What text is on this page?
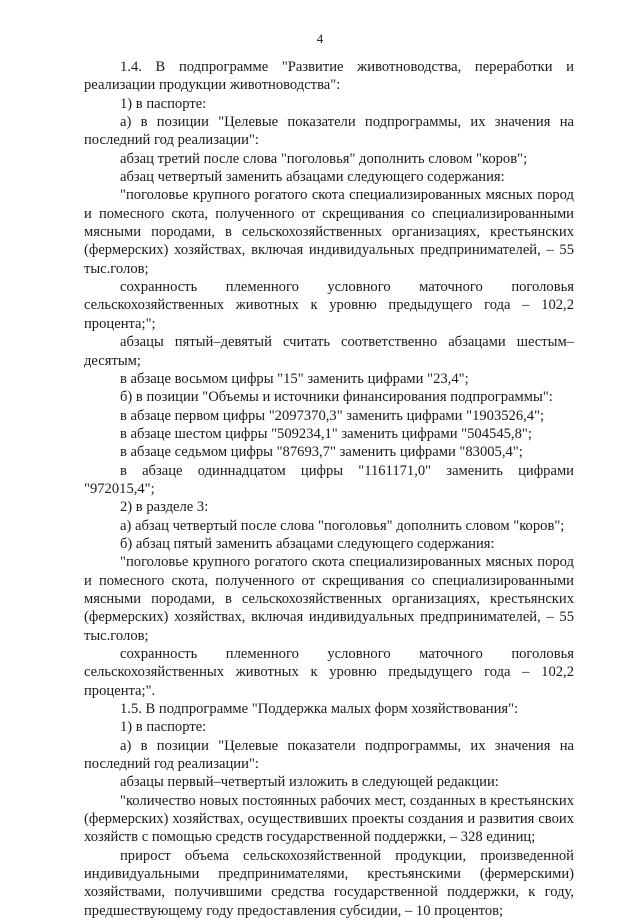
4

1.4. В подпрограмме "Развитие животноводства, переработки и реализации продукции животноводства":

1) в паспорте:

а) в позиции "Целевые показатели подпрограммы, их значения на последний год реализации":

абзац третий после слова "поголовья" дополнить словом "коров";

абзац четвертый заменить абзацами следующего содержания:

"поголовье крупного рогатого скота специализированных мясных пород и помесного скота, полученного от скрещивания со специализированными мясными породами, в сельскохозяйственных организациях, крестьянских (фермерских) хозяйствах, включая индивидуальных предпринимателей, – 55 тыс.голов;

сохранность племенного условного маточного поголовья сельскохозяйственных животных к уровню предыдущего года – 102,2 процента;";

абзацы пятый–девятый считать соответственно абзацами шестым–десятым;

в абзаце восьмом цифры "15" заменить цифрами "23,4";

б) в позиции "Объемы и источники финансирования подпрограммы":

в абзаце первом цифры "2097370,3" заменить цифрами "1903526,4";

в абзаце шестом цифры "509234,1" заменить цифрами "504545,8";

в абзаце седьмом цифры "87693,7" заменить цифрами "83005,4";

в абзаце одиннадцатом цифры "1161171,0" заменить цифрами "972015,4";

2) в разделе 3:

а) абзац четвертый после слова "поголовья" дополнить словом "коров";

б) абзац пятый заменить абзацами следующего содержания:

"поголовье крупного рогатого скота специализированных мясных пород и помесного скота, полученного от скрещивания со специализированными мясными породами, в сельскохозяйственных организациях, крестьянских (фермерских) хозяйствах, включая индивидуальных предпринимателей, – 55 тыс.голов;

сохранность племенного условного маточного поголовья сельскохозяйственных животных к уровню предыдущего года – 102,2 процента;".

1.5. В подпрограмме "Поддержка малых форм хозяйствования":

1) в паспорте:

а) в позиции "Целевые показатели подпрограммы, их значения на последний год реализации":

абзацы первый–четвертый изложить в следующей редакции:

"количество новых постоянных рабочих мест, созданных в крестьянских (фермерских) хозяйствах, осуществивших проекты создания и развития своих хозяйств с помощью средств государственной поддержки, – 328 единиц;

прирост объема сельскохозяйственной продукции, произведенной индивидуальными предпринимателями, крестьянскими (фермерскими) хозяйствами, получившими средства государственной поддержки, к году, предшествующему году предоставления субсидии, – 10 процентов;
